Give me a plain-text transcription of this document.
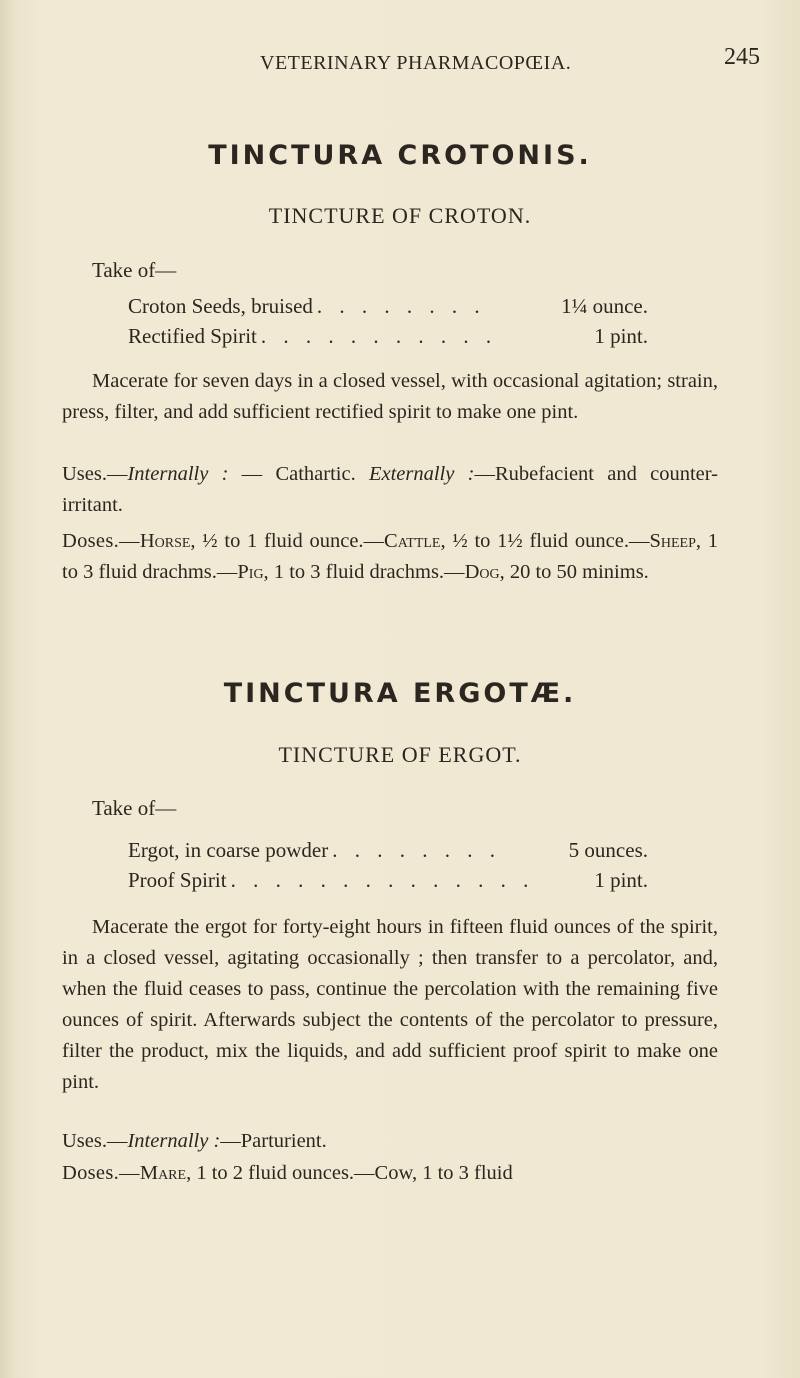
VETERINARY PHARMACOPŒIA.	245
TINCTURA CROTONIS.
TINCTURE OF CROTON.
Take of—
Croton Seeds, bruised . . . . . . . .	1¼ ounce.
Rectified Spirit . . . . . . . . . . .	1 pint.
Macerate for seven days in a closed vessel, with occasional agitation; strain, press, filter, and add sufficient rectified spirit to make one pint.
Uses.—Internally : — Cathartic. Externally :—Rubefacient and counter-irritant.
Doses.—Horse, ½ to 1 fluid ounce.—Cattle, ½ to 1½ fluid ounce.—Sheep, 1 to 3 fluid drachms.—Pig, 1 to 3 fluid drachms.—Dog, 20 to 50 minims.
TINCTURA ERGOTÆ.
TINCTURE OF ERGOT.
Take of—
Ergot, in coarse powder . . . . . . . .	5 ounces.
Proof Spirit . . . . . . . . . . . . . .	1 pint.
Macerate the ergot for forty-eight hours in fifteen fluid ounces of the spirit, in a closed vessel, agitating occasionally ; then transfer to a percolator, and, when the fluid ceases to pass, continue the percolation with the remaining five ounces of spirit. Afterwards subject the contents of the percolator to pressure, filter the product, mix the liquids, and add sufficient proof spirit to make one pint.
Uses.—Internally :—Parturient.
Doses.—Mare, 1 to 2 fluid ounces.—Cow, 1 to 3 fluid
